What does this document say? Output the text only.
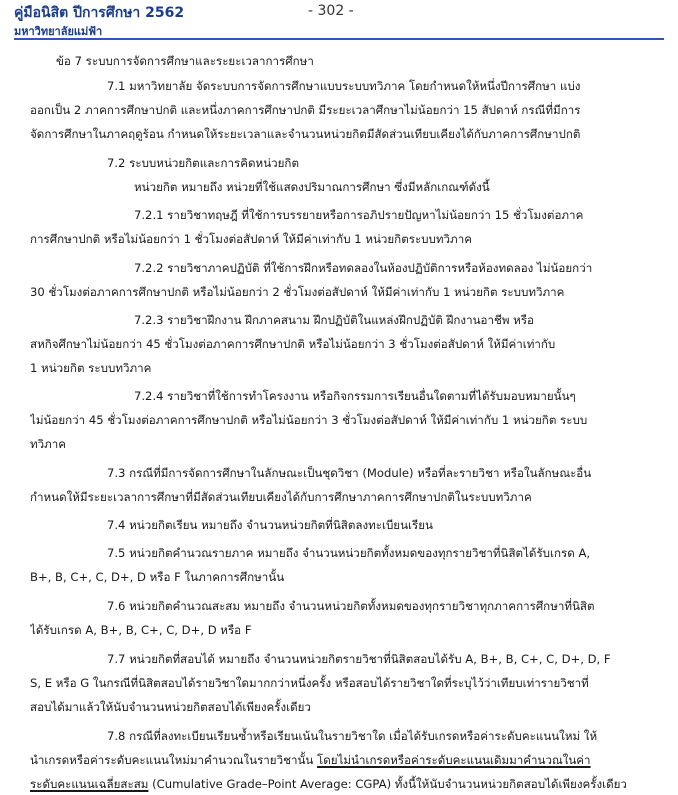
คู่มือนิสิต ปีการศึกษา 2562
มหาวิทยาลัยแม่ฟ้า
- 302 -
ข้อ 7 ระบบการจัดการศึกษาและระยะเวลาการศึกษา
7.1 มหาวิทยาลัย จัดระบบการจัดการศึกษาแบบระบบทวิภาค โดยกำหนดให้หนึ่งปีการศึกษา แบ่ง
ออกเป็น 2 ภาคการศึกษาปกติ และหนึ่งภาคการศึกษาปกติ มีระยะเวลาศึกษาไม่น้อยกว่า 15 สัปดาห์ กรณีที่มีการ
จัดการศึกษาในภาคฤดูร้อน กำหนดให้ระยะเวลาและจำนวนหน่วยกิตมีสัดส่วนเทียบเคียงได้กับภาคการศึกษาปกติ
7.2 ระบบหน่วยกิตและการคิดหน่วยกิต
หน่วยกิต หมายถึง หน่วยที่ใช้แสดงปริมาณการศึกษา ซึ่งมีหลักเกณฑ์ดังนี้
7.2.1 รายวิชาทฤษฎี ที่ใช้การบรรยายหรือการอภิปรายปัญหาไม่น้อยกว่า 15 ชั่วโมงต่อภาค
การศึกษาปกติ หรือไม่น้อยกว่า 1 ชั่วโมงต่อสัปดาห์ ให้มีค่าเท่ากับ 1 หน่วยกิตระบบทวิภาค
7.2.2 รายวิชาภาคปฏิบัติ ที่ใช้การฝึกหรือทดลองในห้องปฏิบัติการหรือห้องทดลอง ไม่น้อยกว่า
30 ชั่วโมงต่อภาคการศึกษาปกติ หรือไม่น้อยกว่า 2 ชั่วโมงต่อสัปดาห์ ให้มีค่าเท่ากับ 1 หน่วยกิต ระบบทวิภาค
7.2.3 รายวิชาฝึกงาน ฝึกภาคสนาม ฝึกปฏิบัติในแหล่งฝึกปฏิบัติ ฝึกงานอาชีพ หรือ
สหกิจศึกษาไม่น้อยกว่า 45 ชั่วโมงต่อภาคการศึกษาปกติ หรือไม่น้อยกว่า 3 ชั่วโมงต่อสัปดาห์ ให้มีค่าเท่ากับ
1 หน่วยกิต ระบบทวิภาค
7.2.4 รายวิชาที่ใช้การทำโครงงาน หรือกิจกรรมการเรียนอื่นใดตามที่ได้รับมอบหมายนั้นๆ
ไม่น้อยกว่า 45 ชั่วโมงต่อภาคการศึกษาปกติ หรือไม่น้อยกว่า 3 ชั่วโมงต่อสัปดาห์ ให้มีค่าเท่ากับ 1 หน่วยกิต ระบบ
ทวิภาค
7.3 กรณีที่มีการจัดการศึกษาในลักษณะเป็นชุดวิชา (Module) หรือที่ละรายวิชา หรือในลักษณะอื่น
กำหนดให้มีระยะเวลาการศึกษาที่มีสัดส่วนเทียบเคียงได้กับการศึกษาภาคการศึกษาปกติในระบบทวิภาค
7.4 หน่วยกิตเรียน หมายถึง จำนวนหน่วยกิตที่นิสิตลงทะเบียนเรียน
7.5 หน่วยกิตคำนวณรายภาค หมายถึง จำนวนหน่วยกิตทั้งหมดของทุกรายวิชาที่นิสิตได้รับเกรด A,
B+, B, C+, C, D+, D หรือ F ในภาคการศึกษานั้น
7.6 หน่วยกิตคำนวณสะสม หมายถึง จำนวนหน่วยกิตทั้งหมดของทุกรายวิชาทุกภาคการศึกษาที่นิสิต
ได้รับเกรด A, B+, B, C+, C, D+, D หรือ F
7.7 หน่วยกิตที่สอบได้ หมายถึง จำนวนหน่วยกิตรายวิชาที่นิสิตสอบได้รับ A, B+, B, C+, C, D+, D, F
S, E หรือ G ในกรณีที่นิสิตสอบได้รายวิชาใดมากกว่าหนึ่งครั้ง หรือสอบได้รายวิชาใดที่ระบุไว้ว่าเทียบเท่ารายวิชาที่
สอบได้มาแล้วให้นับจำนวนหน่วยกิตสอบได้เพียงครั้งเดียว
7.8 กรณีที่ลงทะเบียนเรียนซ้ำหรือเรียนเน้นในรายวิชาใด เมื่อได้รับเกรดหรือค่าระดับคะแนนใหม่ ให้
นำเกรดหรือค่าระดับคะแนนใหม่มาคำนวณในรายวิชานั้น โดยไม่นำเกรดหรือค่าระดับคะแนนเดิมมาคำนวณในค่า
ระดับคะแนนเฉลี่ยสะสม (Cumulative Grade–Point Average: CGPA) ทั้งนี้ให้นับจำนวนหน่วยกิตสอบได้เพียงครั้งเดียว
